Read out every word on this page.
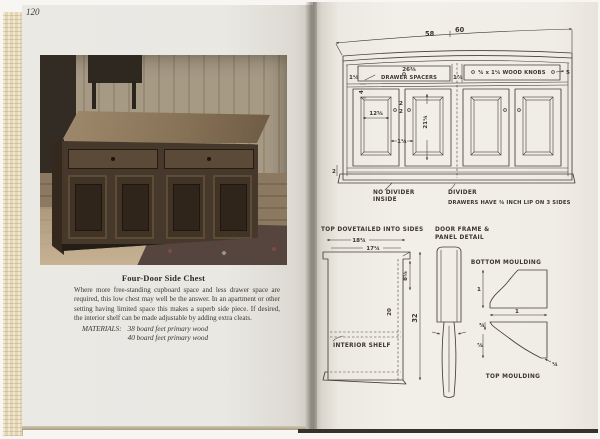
120
Four-Door Side Chest
Where more free-standing cupboard space and less drawer space are required, this low chest may well be the answer. In an apartment or other setting having limited space this makes a superb side piece. If desired, the interior shelf can be made adjustable by adding extra cleats.
MATERIALS: 38 board feet primary wood
40 board feet primary wood
58	60
26⅜
DRAWER SPACERS
1⅛	1⅞
¾ x 1¼ WOOD KNOBS	5
4
12⅝
2
2
21¼
1¼
2
NO DIVIDER
INSIDE
DIVIDER
DRAWERS HAVE ⅜ INCH LIP ON 3 SIDES
TOP DOVETAILED INTO SIDES
18¾
17¼
8⅝
32
20
INTERIOR SHELF
DOOR FRAME &
PANEL DETAIL
BOTTOM MOULDING
1
1
¾
⅞
¼
TOP MOULDING
